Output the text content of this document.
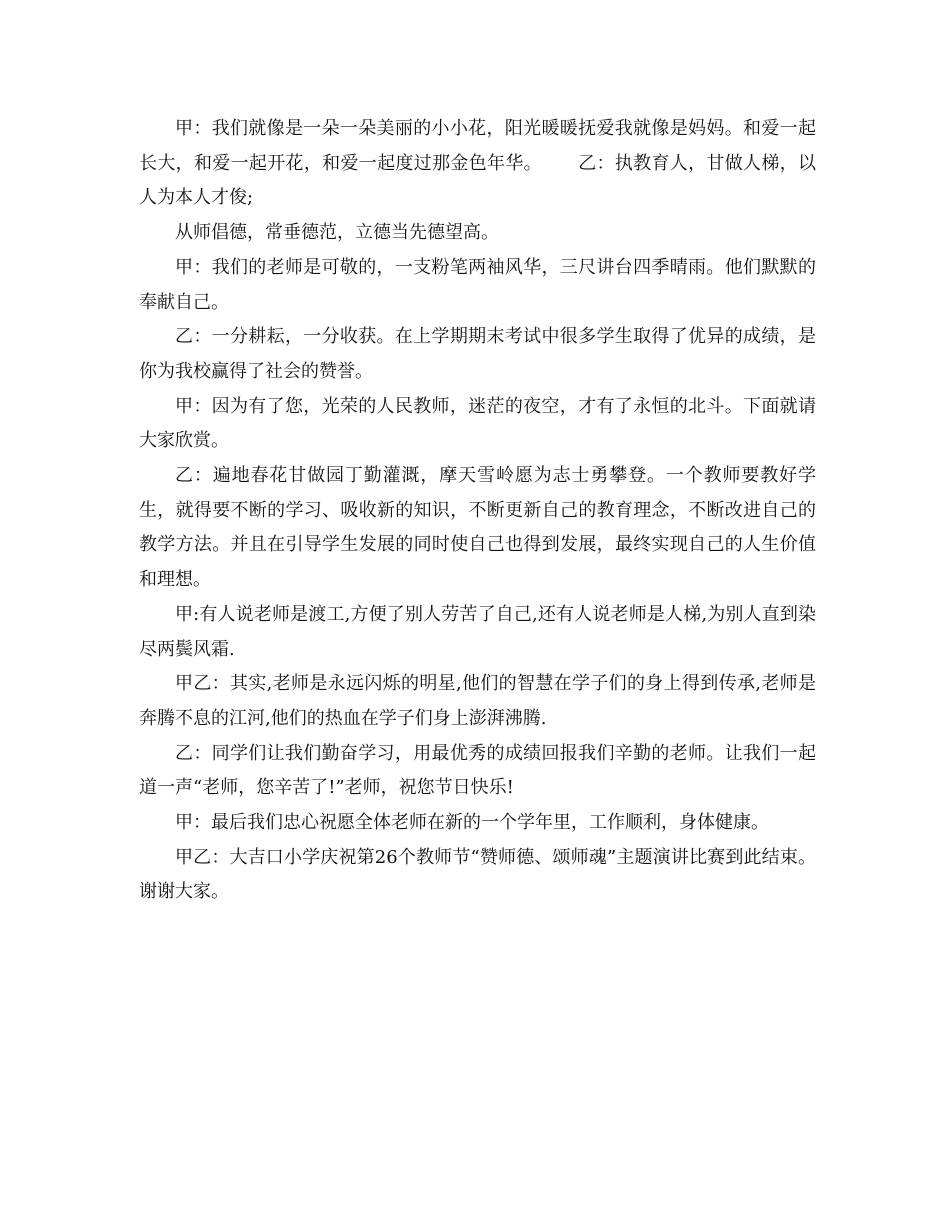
甲：我们就像是一朵一朵美丽的小小花，阳光暖暖抚爱我就像是妈妈。和爱一起长大，和爱一起开花，和爱一起度过那金色年华。      乙：执教育人，甘做人梯，以人为本人才俊;

从师倡德，常垂德范，立德当先德望高。

甲：我们的老师是可敬的，一支粉笔两袖风华，三尺讲台四季晴雨。他们默默的奉献自己。

乙：一分耕耘，一分收获。在上学期期末考试中很多学生取得了优异的成绩，是你为我校赢得了社会的赞誉。

甲：因为有了您，光荣的人民教师，迷茫的夜空，才有了永恒的北斗。下面就请大家欣赏。

乙：遍地春花甘做园丁勤灌溉，摩天雪岭愿为志士勇攀登。一个教师要教好学生，就得要不断的学习、吸收新的知识，不断更新自己的教育理念，不断改进自己的教学方法。并且在引导学生发展的同时使自己也得到发展，最终实现自己的人生价值和理想。

甲:有人说老师是渡工,方便了别人劳苦了自己,还有人说老师是人梯,为别人直到染尽两鬓风霜.

甲乙：其实,老师是永远闪烁的明星,他们的智慧在学子们的身上得到传承,老师是奔腾不息的江河,他们的热血在学子们身上澎湃沸腾.

乙：同学们让我们勤奋学习，用最优秀的成绩回报我们辛勤的老师。让我们一起道一声“老师，您辛苦了!”老师，祝您节日快乐!

甲：最后我们忠心祝愿全体老师在新的一个学年里，工作顺利，身体健康。

甲乙：大吉口小学庆祝第26个教师节“赞师德、颂师魂”主题演讲比赛到此结束。谢谢大家。
